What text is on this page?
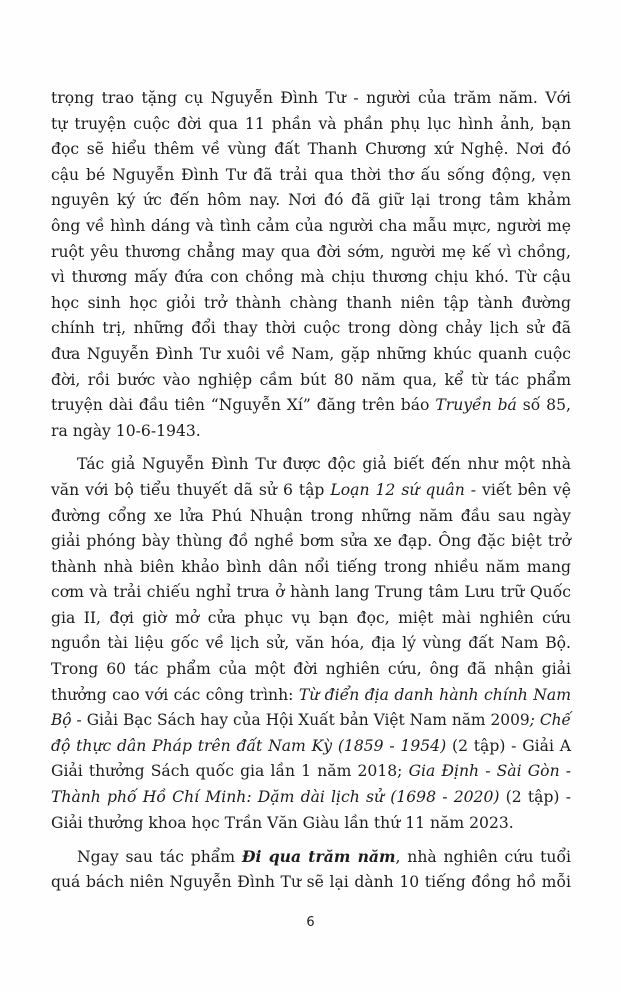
trọng trao tặng cụ Nguyễn Đình Tư - người của trăm năm. Với
tự truyện cuộc đời qua 11 phần và phần phụ lục hình ảnh, bạn
đọc sẽ hiểu thêm về vùng đất Thanh Chương xứ Nghệ. Nơi đó
cậu bé Nguyễn Đình Tư đã trải qua thời thơ ấu sống động, vẹn
nguyên ký ức đến hôm nay. Nơi đó đã giữ lại trong tâm khảm
ông về hình dáng và tình cảm của người cha mẫu mực, người mẹ
ruột yêu thương chẳng may qua đời sớm, người mẹ kế vì chồng,
vì thương mấy đứa con chồng mà chịu thương chịu khó. Từ cậu
học sinh học giỏi trở thành chàng thanh niên tập tành đường
chính trị, những đổi thay thời cuộc trong dòng chảy lịch sử đã
đưa Nguyễn Đình Tư xuôi về Nam, gặp những khúc quanh cuộc
đời, rồi bước vào nghiệp cầm bút 80 năm qua, kể từ tác phẩm
truyện dài đầu tiên “Nguyễn Xí” đăng trên báo Truyền bá số 85,
ra ngày 10-6-1943.
Tác giả Nguyễn Đình Tư được độc giả biết đến như một nhà
văn với bộ tiểu thuyết dã sử 6 tập Loạn 12 sứ quân - viết bên vệ
đường cổng xe lửa Phú Nhuận trong những năm đầu sau ngày
giải phóng bày thùng đồ nghề bơm sửa xe đạp. Ông đặc biệt trở
thành nhà biên khảo bình dân nổi tiếng trong nhiều năm mang
cơm và trải chiếu nghỉ trưa ở hành lang Trung tâm Lưu trữ Quốc
gia II, đợi giờ mở cửa phục vụ bạn đọc, miệt mài nghiên cứu
nguồn tài liệu gốc về lịch sử, văn hóa, địa lý vùng đất Nam Bộ.
Trong 60 tác phẩm của một đời nghiên cứu, ông đã nhận giải
thưởng cao với các công trình: Từ điển địa danh hành chính Nam
Bộ - Giải Bạc Sách hay của Hội Xuất bản Việt Nam năm 2009; Chế
độ thực dân Pháp trên đất Nam Kỳ (1859 - 1954) (2 tập) - Giải A
Giải thưởng Sách quốc gia lần 1 năm 2018; Gia Định - Sài Gòn -
Thành phố Hồ Chí Minh: Dặm dài lịch sử (1698 - 2020) (2 tập) -
Giải thưởng khoa học Trần Văn Giàu lần thứ 11 năm 2023.
Ngay sau tác phẩm Đi qua trăm năm, nhà nghiên cứu tuổi
quá bách niên Nguyễn Đình Tư sẽ lại dành 10 tiếng đồng hồ mỗi
6
